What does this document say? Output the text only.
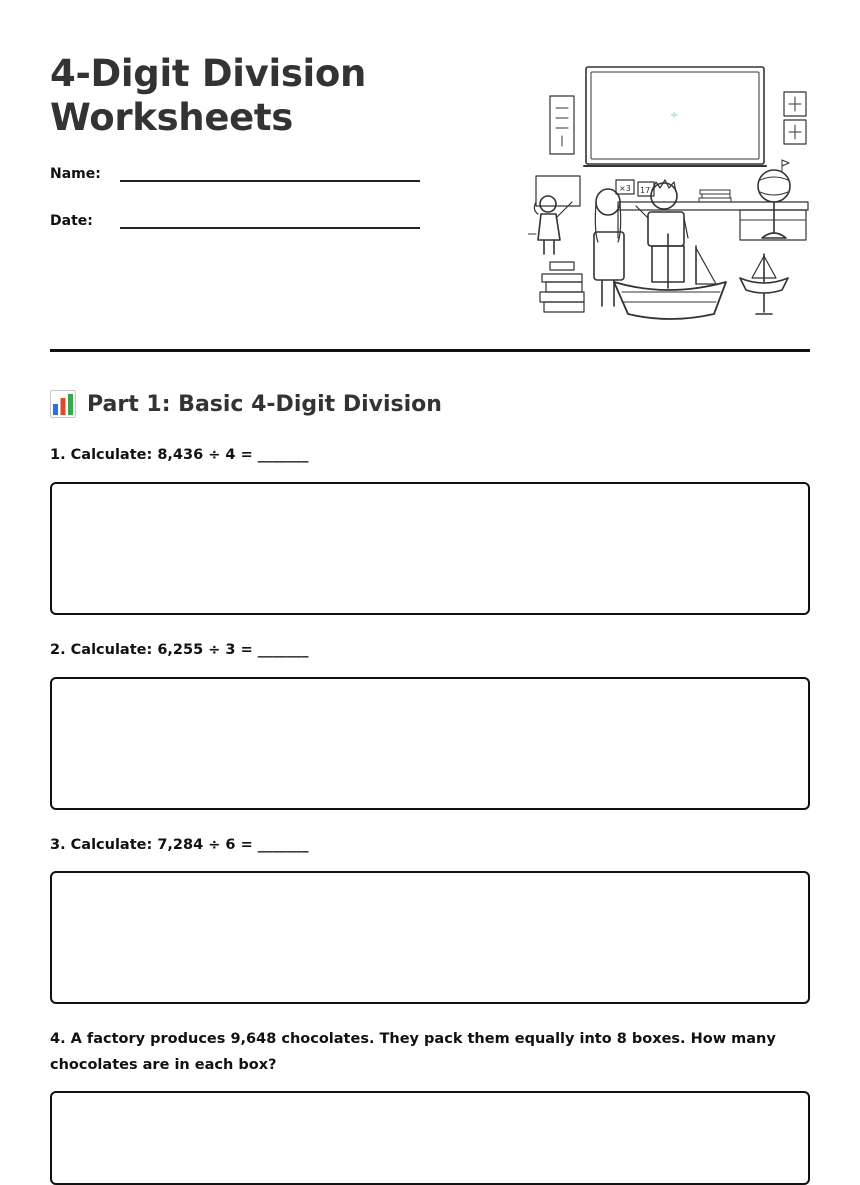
4-Digit Division
Worksheets
Name:
Date:
÷
×3 17
Part 1: Basic 4-Digit Division
1. Calculate: 8,436 ÷ 4 = _______
2. Calculate: 6,255 ÷ 3 = _______
3. Calculate: 7,284 ÷ 6 = _______
4. A factory produces 9,648 chocolates. They pack them equally into 8 boxes. How many chocolates are in each box?
